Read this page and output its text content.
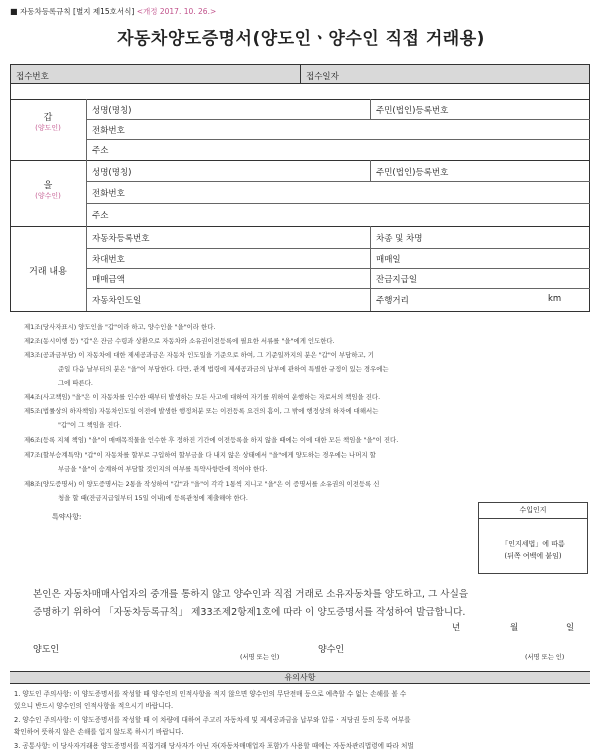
■ 자동차등록규칙 [별지 제15호서식] <개정 2017. 10. 26.>
자동차양도증명서(양도인ㆍ양수인 직접 거래용)
접수번호	접수일자
갑
(양도인)
성명(명칭)	주민(법인)등록번호
전화번호
주소
을
(양수인)
성명(명칭)	주민(법인)등록번호
전화번호
주소
거래 내용
자동차등록번호	차종 및 차명
차대번호	매매일
매매금액	잔금지급일
자동차인도일	주행거리	km
제1조(당사자표시) 양도인을 "갑"이라 하고, 양수인을 "을"이라 한다.
제2조(동시이행 등) "갑"은 잔금 수령과 상환으로 자동차와 소유권이전등록에 필요한 서류를 "을"에게 인도한다.
제3조(공과금부담) 이 자동차에 대한 제세공과금은 자동차 인도일을 기준으로 하여, 그 기준일까지의 분은 "갑"이 부담하고, 기
준일 다음 날부터의 분은 "을"이 부담한다. 다만, 관계 법령에 제세공과금의 납부에 관하여 특별한 규정이 있는 경우에는
그에 따른다.
제4조(사고책임) "을"은 이 자동차를 인수한 때부터 발생하는 모든 사고에 대하여 자기를 위하여 운행하는 자로서의 책임을 진다.
제5조(법률상의 하자책임) 자동차인도일 이전에 발생한 행정처분 또는 이전등록 요건의 흠이, 그 밖에 행정상의 하자에 대해서는
"갑"이 그 책임을 진다.
제6조(등록 지체 책임) "을"이 매매목적물을 인수한 후 정하진 기간에 이전등록을 하지 않을 때에는 이에 대한 모든 책임을 "을"이 진다.
제7조(할부승계특약) "갑"이 자동차를 할부로 구입하여 할부금을 다 내지 않은 상태에서 "을"에게 양도하는 경우에는 나머지 할
부금을 "을"이 승계하여 부담할 것인지의 여부를 특약사항란에 적어야 한다.
제8조(양도증명서) 이 양도증명서는 2통을 작성하여 "갑"과 "을"이 각각 1통씩 지니고 "을"은 이 증명서를 소유권의 이전등록 신
청을 할 때(잔금지급일부터 15일 이내)에 등록관청에 제출해야 한다.
특약사항:
수입인지
「인지세법」에 따름
(뒤쪽 여백에 붙임)
본인은 자동차매매사업자의 중개를 통하지 않고 양수인과 직접 거래로 소유자동차를 양도하고, 그 사실을
증명하기 위하여 「자동차등록규칙」 제33조제2항제1호에 따라 이 양도증명서를 작성하여 발급합니다.
년	월	일
양도인
(서명 또는 인)
양수인
(서명 또는 인)
유의사항
1. 양도인 주의사항: 이 양도증명서를 작성할 때 양수인의 인적사항을 적지 않으면 양수인의 무단전매 등으로 예측할 수 없는 손해를 볼 수
있으니 반드시 양수인의 인적사항을 적으시기 바랍니다.
2. 양수인 주의사항: 이 양도증명서를 작성할 때 이 차량에 대하여 주고리 자동차세 및 제세공과금을 납부와 압류ㆍ저당권 등의 등록 여부를
확인하여 뜻하지 않은 손해를 입지 않도록 하시기 바랍니다.
3. 공통사항: 이 당사자거래용 양도증명서를 직접거래 당사자가 아닌 자(자동차매매업자 포함)가 사용할 때에는 자동차관리법령에 따라 처벌
